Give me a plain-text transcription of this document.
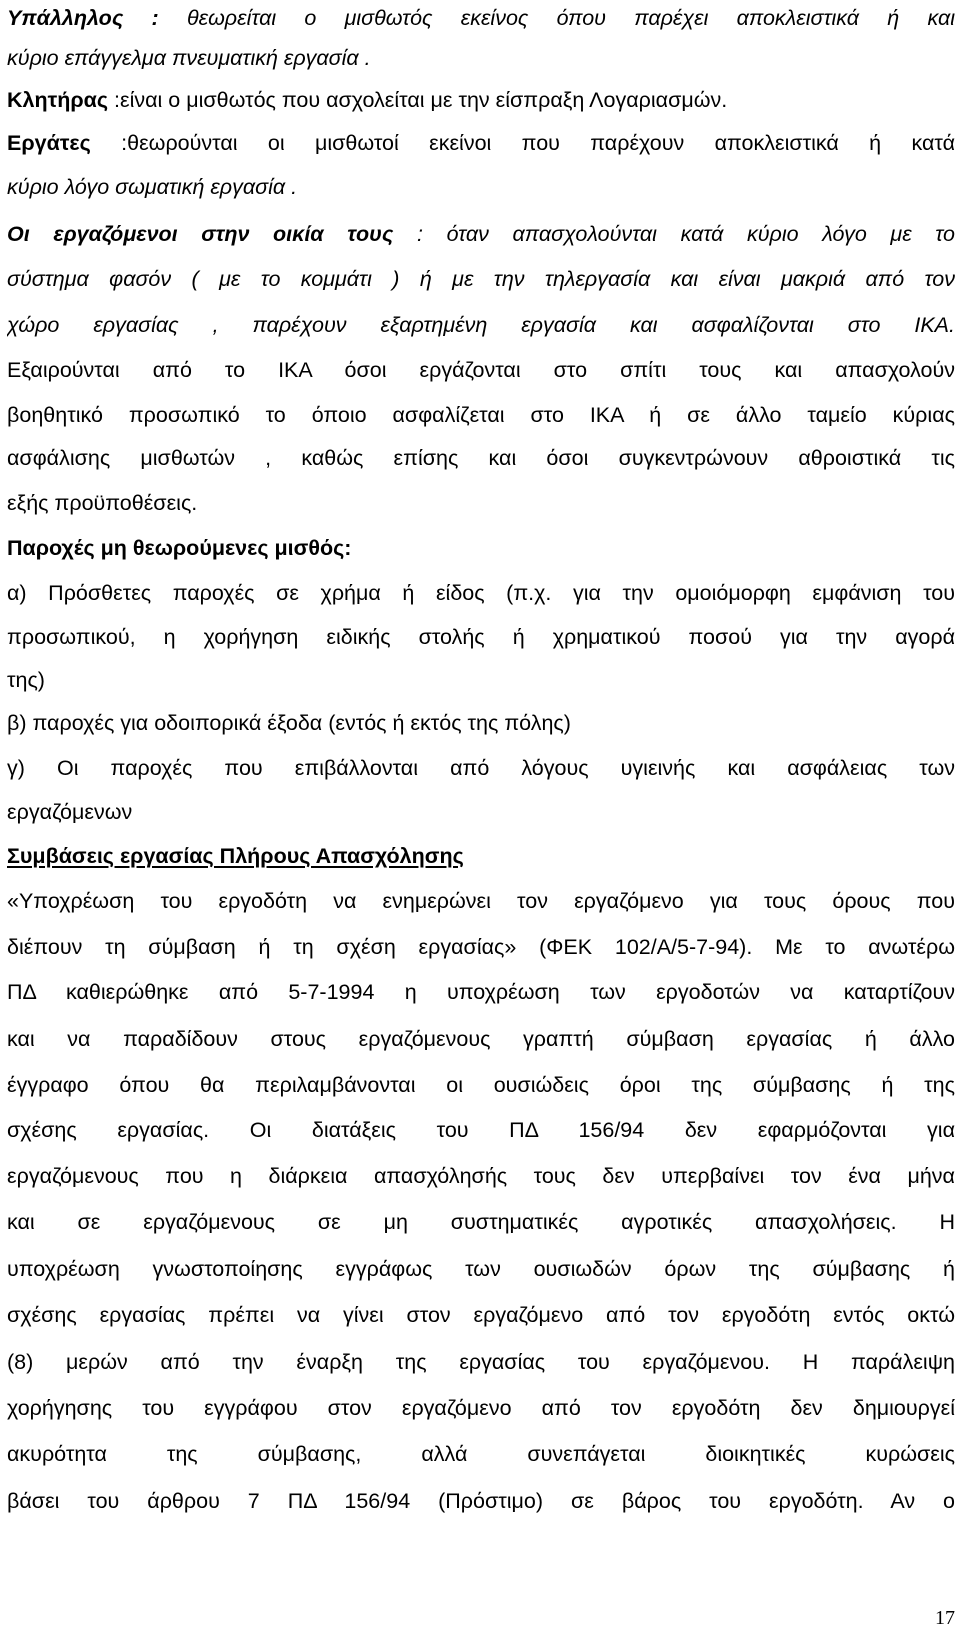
Υπάλληλος : θεωρείται ο μισθωτός εκείνος όπου παρέχει αποκλειστικά ή και
κύριο επάγγελμα πνευματική εργασία .
Κλητήρας :είναι ο μισθωτός που ασχολείται με την είσπραξη Λογαριασμών.
Εργάτες :θεωρούνται οι μισθωτοί εκείνοι που παρέχουν αποκλειστικά ή κατά
κύριο λόγο σωματική εργασία .
Οι εργαζόμενοι στην οικία τους : όταν απασχολούνται κατά κύριο λόγο με το
σύστημα φασόν ( με το κομμάτι ) ή με την τηλεργασία και είναι μακριά από τον
χώρο εργασίας , παρέχουν εξαρτημένη εργασία και ασφαλίζονται στο ΙΚΑ.
Εξαιρούνται από το ΙΚΑ όσοι εργάζονται στο σπίτι τους και απασχολούν
βοηθητικό προσωπικό το όποιο ασφαλίζεται στο ΙΚΑ ή σε άλλο ταμείο κύριας
ασφάλισης μισθωτών , καθώς επίσης και όσοι συγκεντρώνουν αθροιστικά τις
εξής προϋποθέσεις.
Παροχές μη θεωρούμενες μισθός:
α) Πρόσθετες παροχές σε χρήμα ή είδος (π.χ. για την ομοιόμορφη εμφάνιση του
προσωπικού, η χορήγηση ειδικής στολής ή χρηματικού ποσού για την αγορά
της)
β) παροχές για οδοιπορικά έξοδα (εντός ή εκτός της πόλης)
γ) Οι παροχές που επιβάλλονται από λόγους υγιεινής και ασφάλειας των
εργαζόμενων
Συμβάσεις εργασίας Πλήρους Απασχόλησης
«Υποχρέωση του εργοδότη να ενημερώνει τον εργαζόμενο για τους όρους που
διέπουν τη σύμβαση ή τη σχέση εργασίας» (ΦΕΚ 102/Α/5-7-94). Με το ανωτέρω
ΠΔ καθιερώθηκε από 5-7-1994 η υποχρέωση των εργοδοτών να καταρτίζουν
και να παραδίδουν στους εργαζόμενους γραπτή σύμβαση εργασίας ή άλλο
έγγραφο όπου θα περιλαμβάνονται οι ουσιώδεις όροι της σύμβασης ή της
σχέσης εργασίας. Οι διατάξεις του ΠΔ 156/94 δεν εφαρμόζονται για
εργαζόμενους που η διάρκεια απασχόλησής τους δεν υπερβαίνει τον ένα μήνα
και σε εργαζόμενους σε μη συστηματικές αγροτικές απασχολήσεις. Η
υποχρέωση γνωστοποίησης εγγράφως των ουσιωδών όρων της σύμβασης ή
σχέσης εργασίας πρέπει να γίνει στον εργαζόμενο από τον εργοδότη εντός οκτώ
(8) μερών από την έναρξη της εργασίας του εργαζόμενου. Η παράλειψη
χορήγησης του εγγράφου στον εργαζόμενο από τον εργοδότη δεν δημιουργεί
ακυρότητα της σύμβασης, αλλά συνεπάγεται διοικητικές κυρώσεις
βάσει του άρθρου 7 ΠΔ 156/94 (Πρόστιμο) σε βάρος του εργοδότη. Αν ο
17
